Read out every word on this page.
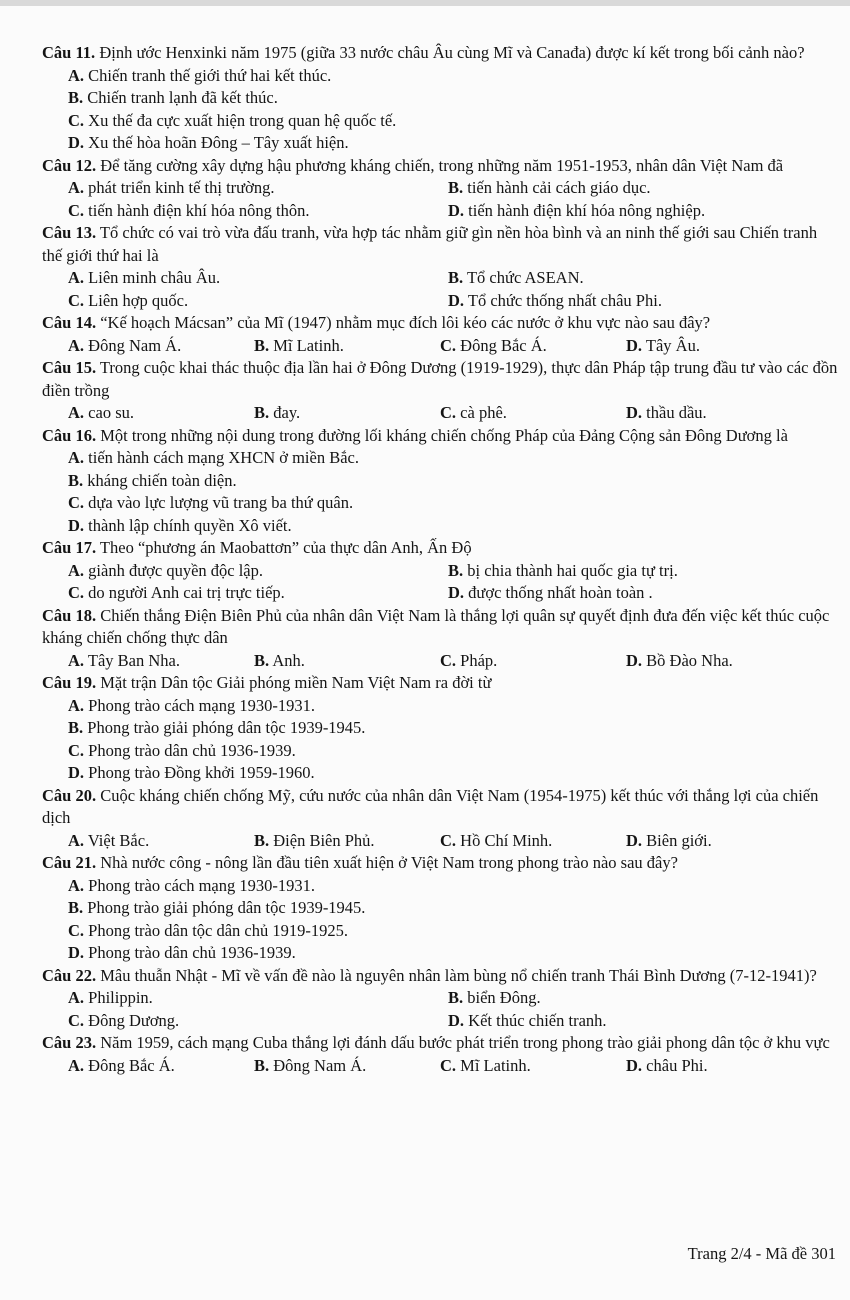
Câu 11. Định ước Henxinki năm 1975 (giữa 33 nước châu Âu cùng Mĩ và Canađa) được kí kết trong bối cảnh nào?

A. Chiến tranh thế giới thứ hai kết thúc.
B. Chiến tranh lạnh đã kết thúc.
C. Xu thế đa cực xuất hiện trong quan hệ quốc tế.
D. Xu thế hòa hoãn Đông – Tây xuất hiện.

Câu 12. Để tăng cường xây dựng hậu phương kháng chiến, trong những năm 1951-1953, nhân dân Việt Nam đã

A. phát triển kinh tế thị trường.	B. tiến hành cải cách giáo dục.
C. tiến hành điện khí hóa nông thôn.	D. tiến hành điện khí hóa nông nghiệp.

Câu 13. Tổ chức có vai trò vừa đấu tranh, vừa hợp tác nhằm giữ gìn nền hòa bình và an ninh thế giới sau Chiến tranh thế giới thứ hai là

A. Liên minh châu Âu.	B. Tổ chức ASEAN.
C. Liên hợp quốc.	D. Tổ chức thống nhất châu Phi.

Câu 14. “Kế hoạch Mácsan” của Mĩ (1947) nhằm mục đích lôi kéo các nước ở khu vực nào sau đây?

A. Đông Nam Á.	B. Mĩ Latinh.	C. Đông Bắc Á.	D. Tây Âu.

Câu 15. Trong cuộc khai thác thuộc địa lần hai ở Đông Dương (1919-1929), thực dân Pháp tập trung đầu tư vào các đồn điền trồng

A. cao su.	B. đay.	C. cà phê.	D. thầu dầu.

Câu 16. Một trong những nội dung trong đường lối kháng chiến chống Pháp của Đảng Cộng sản Đông Dương là

A. tiến hành cách mạng XHCN ở miền Bắc.
B. kháng chiến toàn diện.
C. dựa vào lực lượng vũ trang ba thứ quân.
D. thành lập chính quyền Xô viết.

Câu 17. Theo “phương án Maobattơn” của thực dân Anh, Ấn Độ

A. giành được quyền độc lập.	B. bị chia thành hai quốc gia tự trị.
C. do người Anh cai trị trực tiếp.	D. được thống nhất hoàn toàn .

Câu 18. Chiến thắng Điện Biên Phủ của nhân dân Việt Nam là thắng lợi quân sự quyết định đưa đến việc kết thúc cuộc kháng chiến chống thực dân

A. Tây Ban Nha.	B. Anh.	C. Pháp.	D. Bồ Đào Nha.

Câu 19. Mặt trận Dân tộc Giải phóng miền Nam Việt Nam ra đời từ

A. Phong trào cách mạng 1930-1931.
B. Phong trào giải phóng dân tộc 1939-1945.
C. Phong trào dân chủ 1936-1939.
D. Phong trào Đồng khởi 1959-1960.

Câu 20. Cuộc kháng chiến chống Mỹ, cứu nước của nhân dân Việt Nam (1954-1975) kết thúc với thắng lợi của chiến dịch

A. Việt Bắc.	B. Điện Biên Phủ.	C. Hồ Chí Minh.	D. Biên giới.

Câu 21. Nhà nước công - nông lần đầu tiên xuất hiện ở Việt Nam trong phong trào nào sau đây?

A. Phong trào cách mạng 1930-1931.
B. Phong trào giải phóng dân tộc 1939-1945.
C. Phong trào dân tộc dân chủ 1919-1925.
D. Phong trào dân chủ 1936-1939.

Câu 22. Mâu thuẫn Nhật - Mĩ về vấn đề nào là nguyên nhân làm bùng nổ chiến tranh Thái Bình Dương (7-12-1941)?

A. Philippin.	B. biển Đông.
C. Đông Dương.	D. Kết thúc chiến tranh.

Câu 23. Năm 1959, cách mạng Cuba thắng lợi đánh dấu bước phát triển trong phong trào giải phong dân tộc ở khu vực

A. Đông Bắc Á.	B. Đông Nam Á.	C. Mĩ Latinh.	D. châu Phi.
Trang 2/4 - Mã đề 301
